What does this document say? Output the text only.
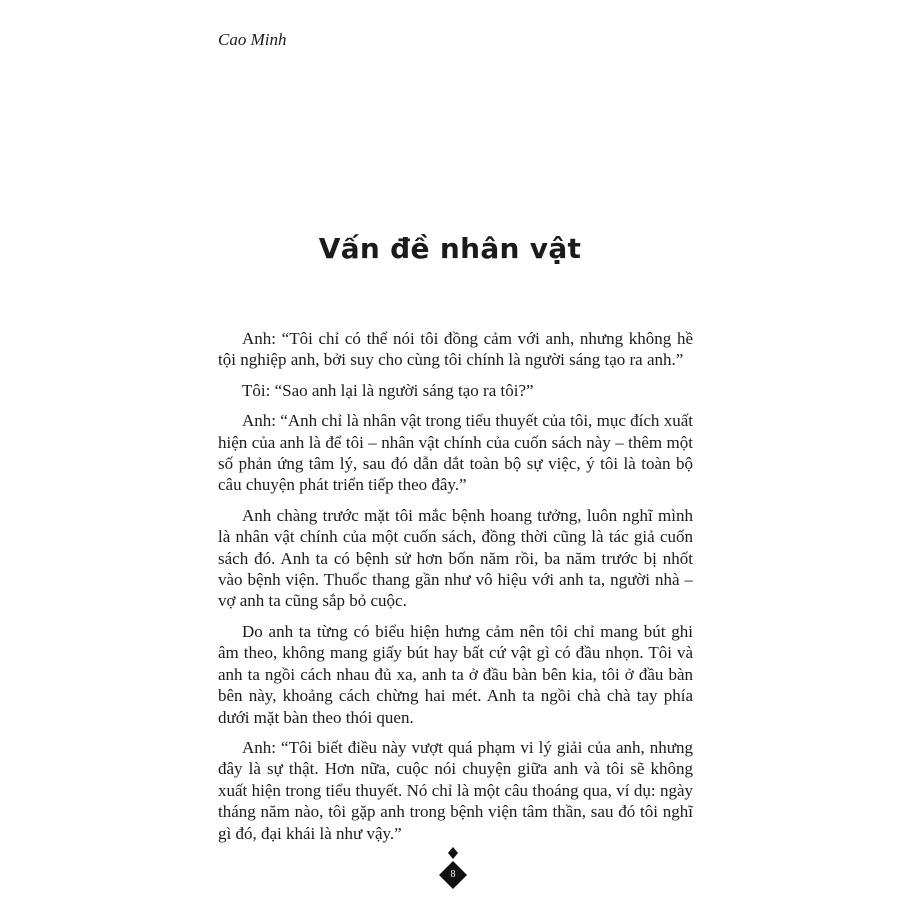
Cao Minh
Vấn đề nhân vật

Anh: “Tôi chỉ có thể nói tôi đồng cảm với anh, nhưng không hề tội nghiệp anh, bởi suy cho cùng tôi chính là người sáng tạo ra anh.”

Tôi: “Sao anh lại là người sáng tạo ra tôi?”

Anh: “Anh chỉ là nhân vật trong tiểu thuyết của tôi, mục đích xuất hiện của anh là để tôi – nhân vật chính của cuốn sách này – thêm một số phản ứng tâm lý, sau đó dẫn dắt toàn bộ sự việc, ý tôi là toàn bộ câu chuyện phát triển tiếp theo đây.”

Anh chàng trước mặt tôi mắc bệnh hoang tưởng, luôn nghĩ mình là nhân vật chính của một cuốn sách, đồng thời cũng là tác giả cuốn sách đó. Anh ta có bệnh sử hơn bốn năm rồi, ba năm trước bị nhốt vào bệnh viện. Thuốc thang gần như vô hiệu với anh ta, người nhà – vợ anh ta cũng sắp bỏ cuộc.

Do anh ta từng có biểu hiện hưng cảm nên tôi chỉ mang bút ghi âm theo, không mang giấy bút hay bất cứ vật gì có đầu nhọn. Tôi và anh ta ngồi cách nhau đủ xa, anh ta ở đầu bàn bên kia, tôi ở đầu bàn bên này, khoảng cách chừng hai mét. Anh ta ngồi chà chà tay phía dưới mặt bàn theo thói quen.

Anh: “Tôi biết điều này vượt quá phạm vi lý giải của anh, nhưng đây là sự thật. Hơn nữa, cuộc nói chuyện giữa anh và tôi sẽ không xuất hiện trong tiểu thuyết. Nó chỉ là một câu thoáng qua, ví dụ: ngày tháng năm nào, tôi gặp anh trong bệnh viện tâm thần, sau đó tôi nghĩ gì đó, đại khái là như vậy.”

8
